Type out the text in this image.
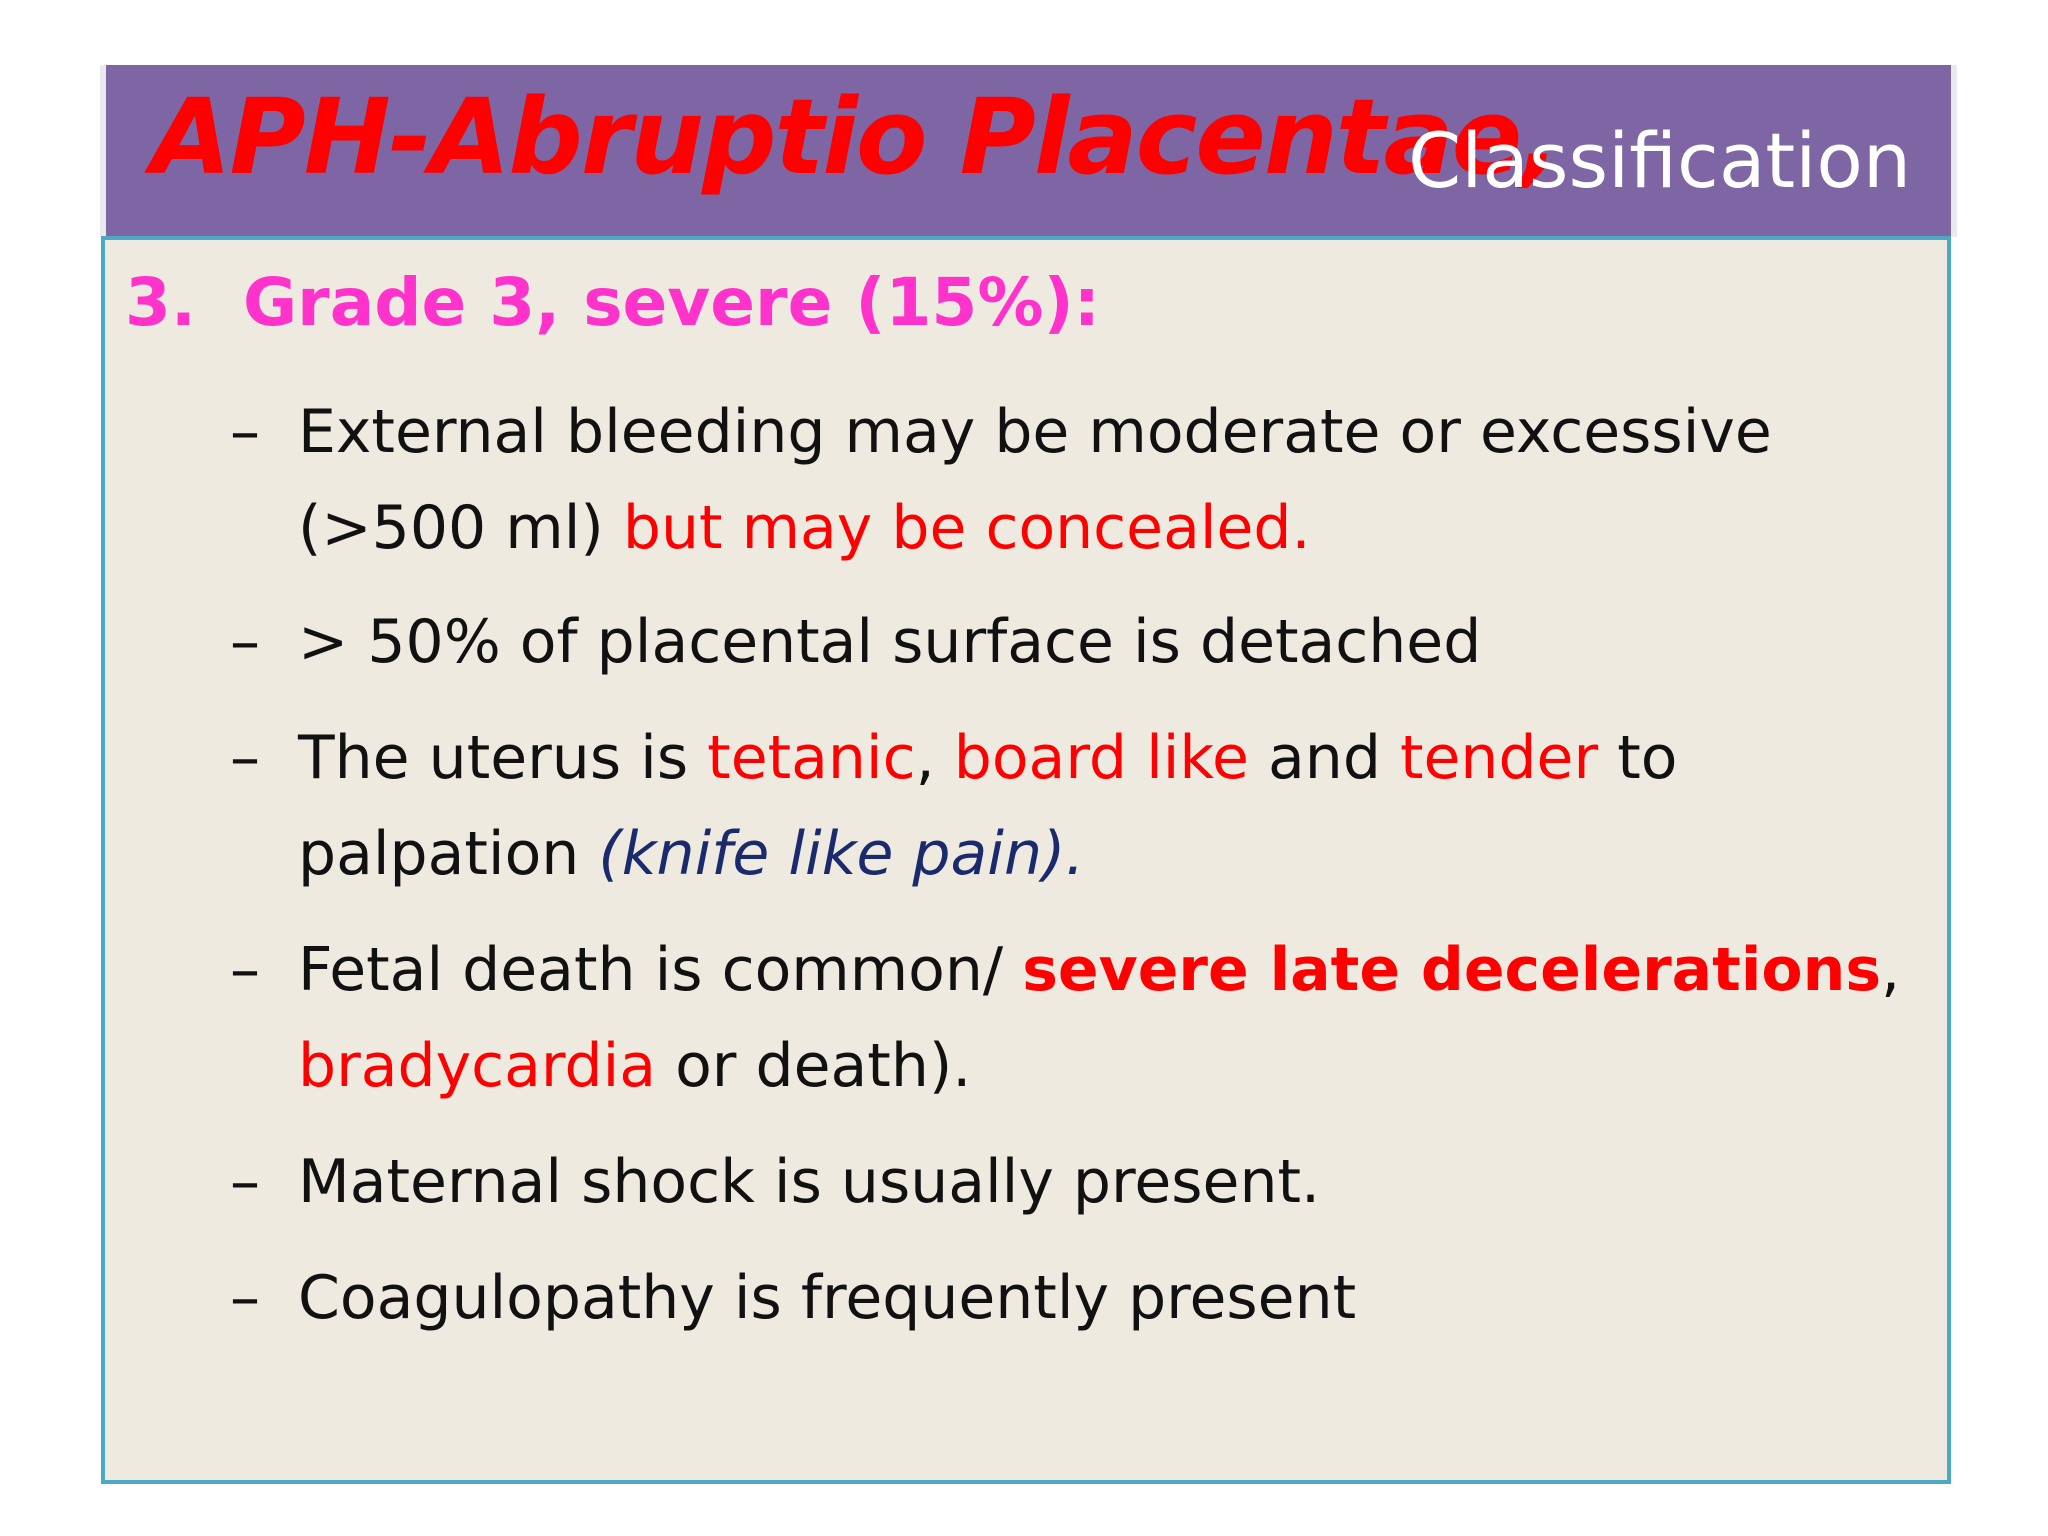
APH-Abruptio Placentae,
Classification
3. Grade 3, severe (15%):
– External bleeding may be moderate or excessive (>500 ml) but may be concealed.
– > 50% of placental surface is detached
– The uterus is tetanic, board like and tender to palpation (knife like pain).
– Fetal death is common/ severe late decelerations, bradycardia or death).
– Maternal shock is usually present.
– Coagulopathy is frequently present
